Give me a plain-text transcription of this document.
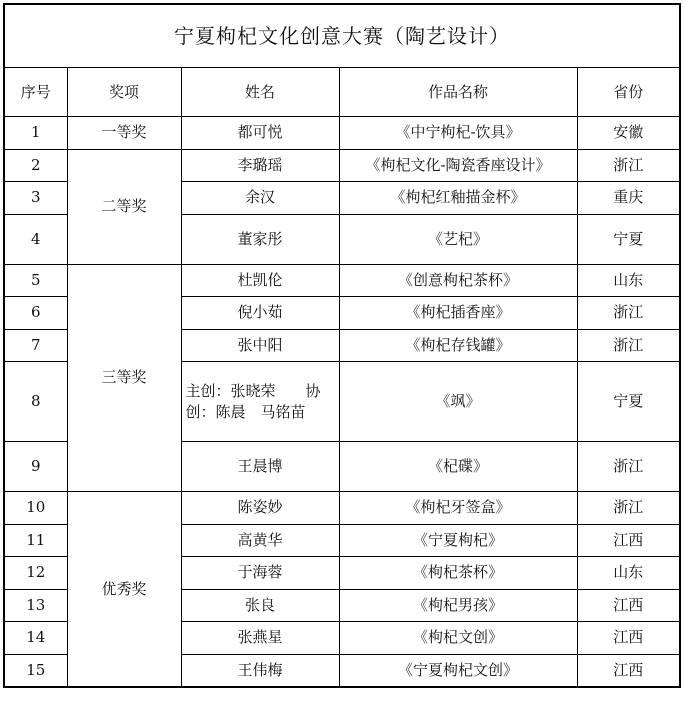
宁夏枸杞文化创意大赛（陶艺设计）				
序号	奖项	姓名	作品名称	省份
1	一等奖	都可悦	《中宁枸杞-饮具》	安徽
2	二等奖	李璐瑶	《枸杞文化-陶瓷香座设计》	浙江
3		余汉	《枸杞红釉描金杯》	重庆
4		董家彤	《艺杞》	宁夏
5	三等奖	杜凯伦	《创意枸杞茶杯》	山东
6		倪小茹	《枸杞插香座》	浙江
7		张中阳	《枸杞存钱罐》	浙江
8		主创：张晓荣　　协创：陈晨　马铭苗	《飒》	宁夏
9		王晨博	《杞碟》	浙江
10	优秀奖	陈姿妙	《枸杞牙签盒》	浙江
11		高黄华	《宁夏枸杞》	江西
12		于海蓉	《枸杞茶杯》	山东
13		张良	《枸杞男孩》	江西
14		张燕星	《枸杞文创》	江西
15		王伟梅	《宁夏枸杞文创》	江西
